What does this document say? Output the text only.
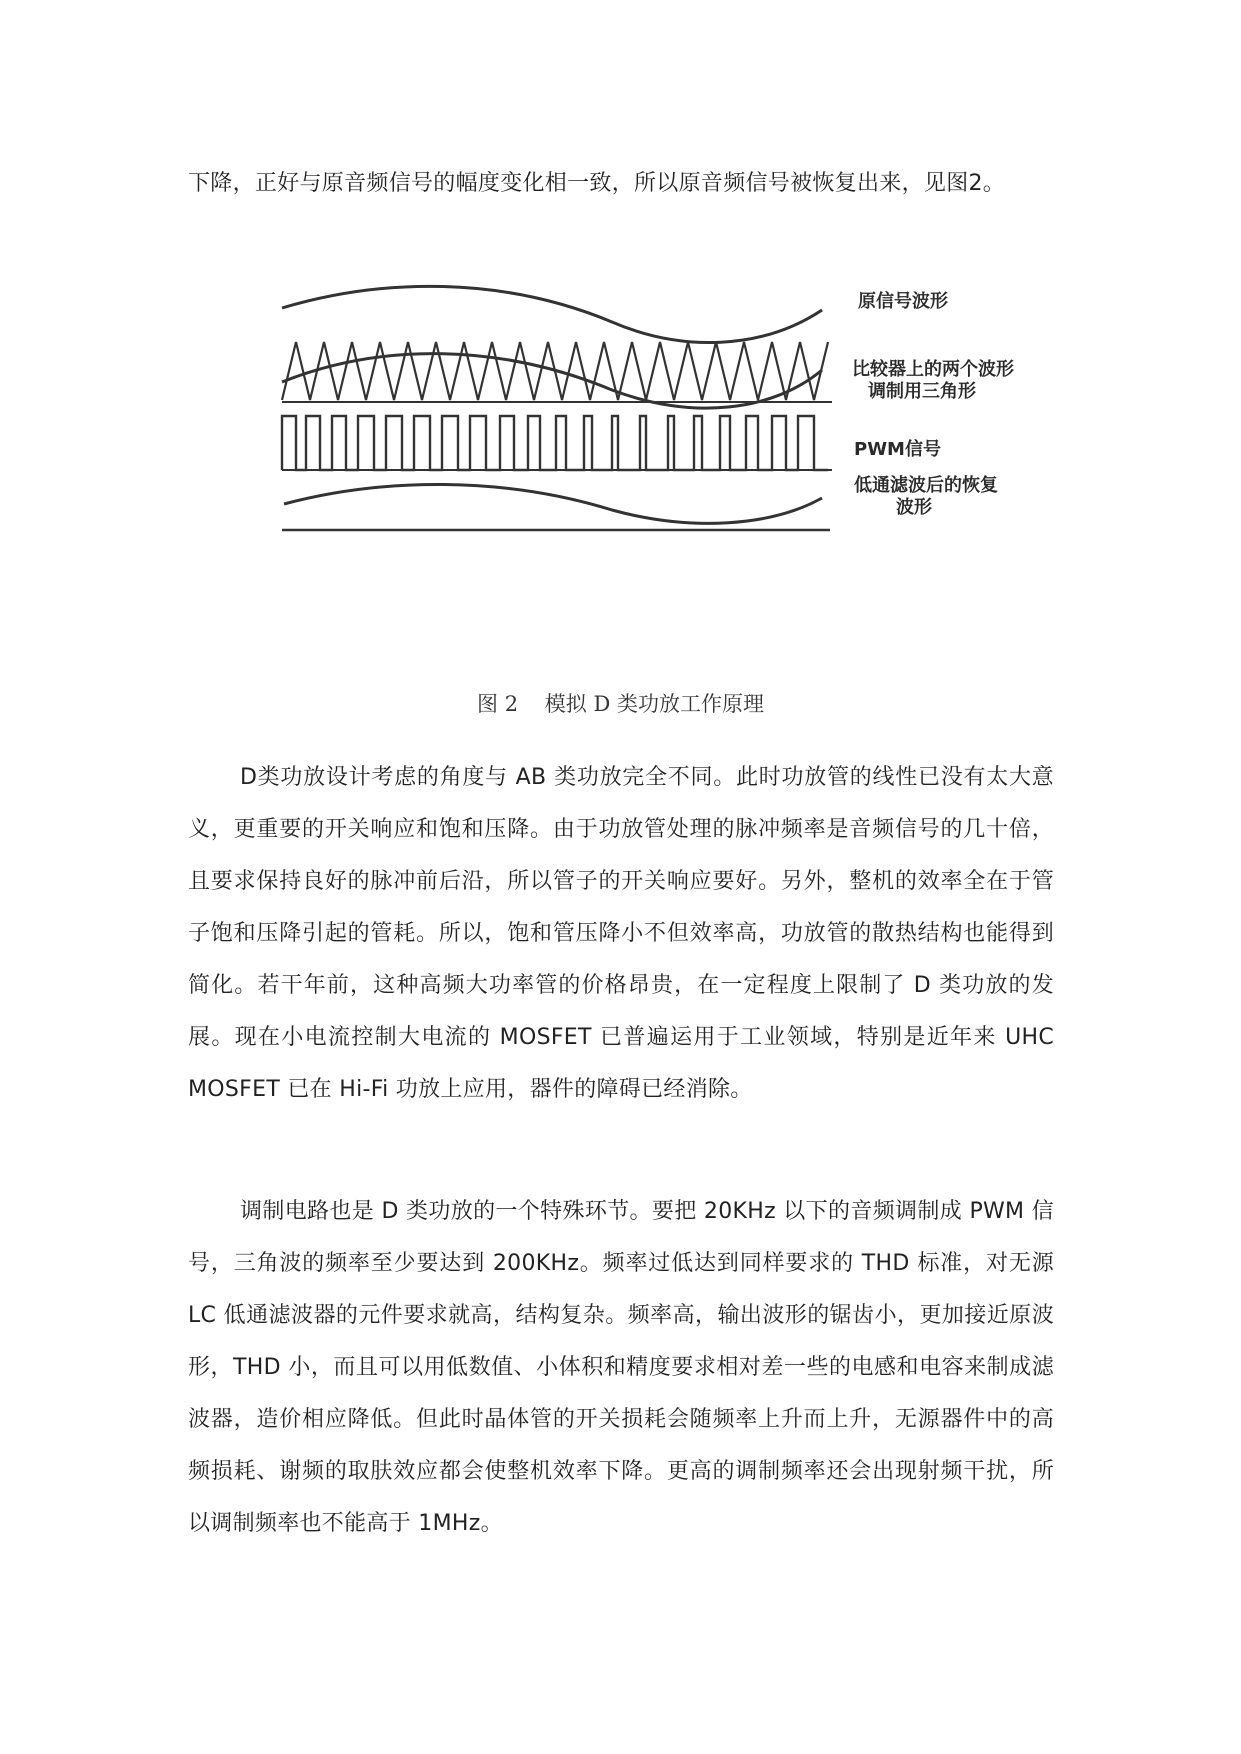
下降，正好与原音频信号的幅度变化相一致，所以原音频信号被恢复出来，见图2。

原信号波形
比较器上的两个波形
调制用三角形
PWM信号
低通滤波后的恢复
波形
图 2 模拟 D 类功放工作原理

D类功放设计考虑的角度与 AB 类功放完全不同。此时功放管的线性已没有太大意义，更重要的开关响应和饱和压降。由于功放管处理的脉冲频率是音频信号的几十倍，且要求保持良好的脉冲前后沿，所以管子的开关响应要好。另外，整机的效率全在于管子饱和压降引起的管耗。所以，饱和管压降小不但效率高，功放管的散热结构也能得到简化。若干年前，这种高频大功率管的价格昂贵，在一定程度上限制了 D 类功放的发展。现在小电流控制大电流的 MOSFET 已普遍运用于工业领域，特别是近年来 UHC MOSFET 已在 Hi-Fi 功放上应用，器件的障碍已经消除。

调制电路也是 D 类功放的一个特殊环节。要把 20KHz 以下的音频调制成 PWM 信号，三角波的频率至少要达到 200KHz。频率过低达到同样要求的 THD 标准，对无源 LC 低通滤波器的元件要求就高，结构复杂。频率高，输出波形的锯齿小，更加接近原波形，THD 小，而且可以用低数值、小体积和精度要求相对差一些的电感和电容来制成滤波器，造价相应降低。但此时晶体管的开关损耗会随频率上升而上升，无源器件中的高频损耗、谢频的取肤效应都会使整机效率下降。更高的调制频率还会出现射频干扰，所以调制频率也不能高于 1MHz。
